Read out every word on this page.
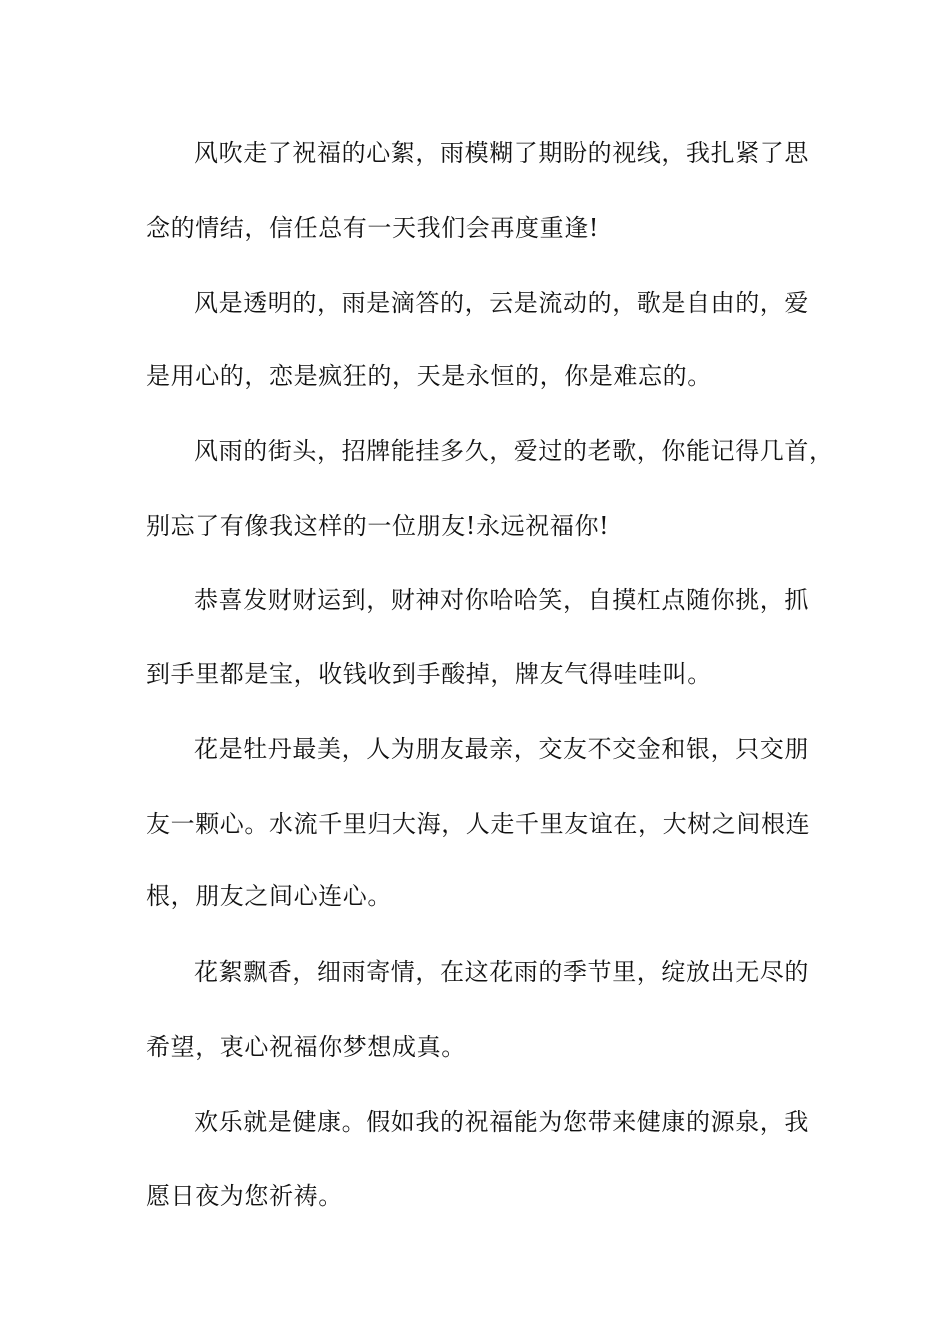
风吹走了祝福的心絮，雨模糊了期盼的视线，我扎紧了思
念的情结，信任总有一天我们会再度重逢!
风是透明的，雨是滴答的，云是流动的，歌是自由的，爱
是用心的，恋是疯狂的，天是永恒的，你是难忘的。
风雨的街头，招牌能挂多久，爱过的老歌，你能记得几首，
别忘了有像我这样的一位朋友!永远祝福你!
恭喜发财财运到，财神对你哈哈笑，自摸杠点随你挑，抓
到手里都是宝，收钱收到手酸掉，牌友气得哇哇叫。
花是牡丹最美，人为朋友最亲，交友不交金和银，只交朋
友一颗心。水流千里归大海，人走千里友谊在，大树之间根连
根，朋友之间心连心。
花絮飘香，细雨寄情，在这花雨的季节里，绽放出无尽的
希望，衷心祝福你梦想成真。
欢乐就是健康。假如我的祝福能为您带来健康的源泉，我
愿日夜为您祈祷。
